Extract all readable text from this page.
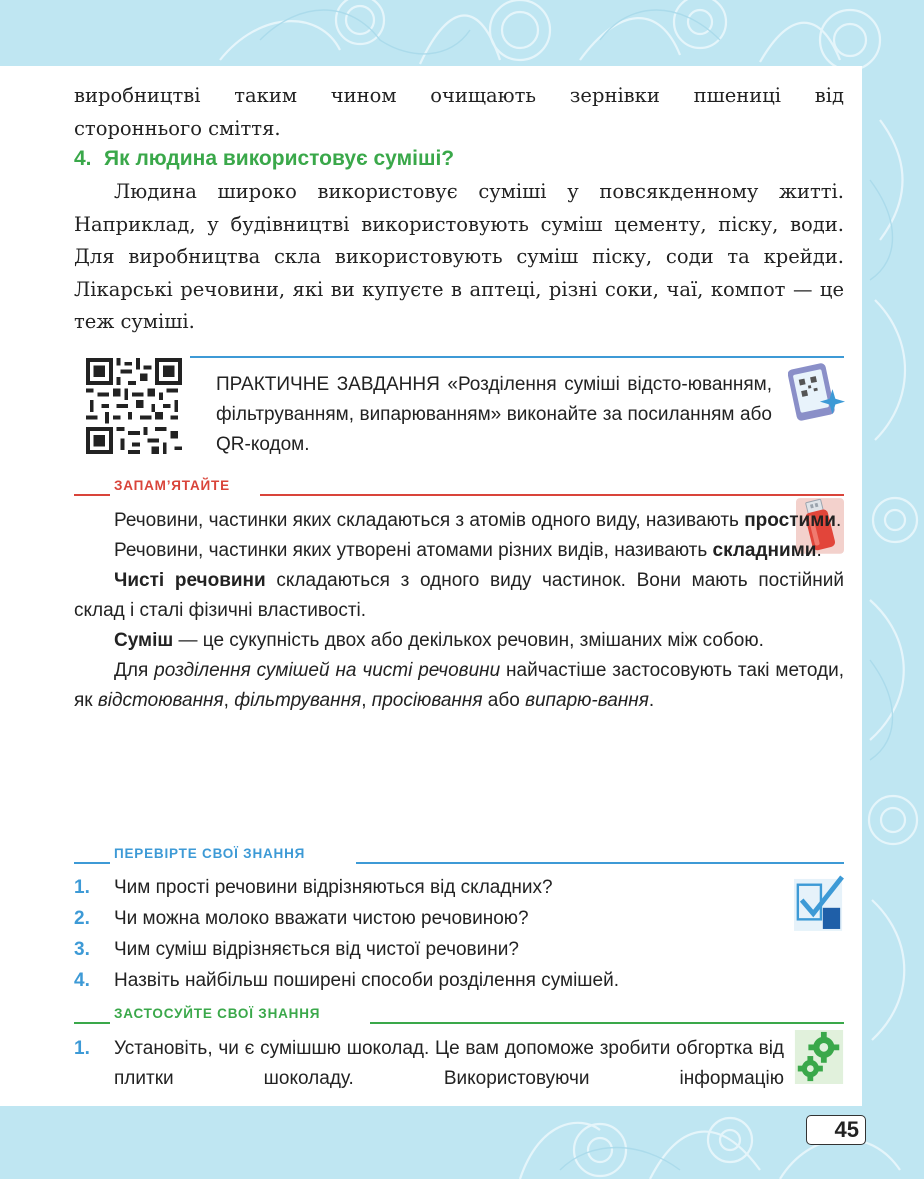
виробництві таким чином очищають зернівки пшениці від

стороннього сміття.

4. Як людина використовує суміші?

Людина широко використовує суміші у повсякденному житті. Наприклад, у будівництві використовують суміш цементу, піску, води. Для виробництва скла використовують суміш піску, соди та крейди. Лікарські речовини, які ви купуєте в аптеці, різні соки, чаї, компот — це теж суміші.

ПРАКТИЧНЕ ЗАВДАННЯ «Розділення суміші відсто-юванням, фільтруванням, випарюванням» виконайте за посиланням або QR-кодом.
ЗАПАМ’ЯТАЙТЕ

Речовини, частинки яких складаються з атомів одного виду, називають простими.

Речовини, частинки яких утворені атомами різних видів, називають складними.

Чисті речовини складаються з одного виду частинок. Вони мають постійний склад і сталі фізичні властивості.

Суміш — це сукупність двох або декількох речовин, змішаних між собою.

Для розділення сумішей на чисті речовини найчастіше застосовують такі методи, як відстоювання, фільтрування, просіювання або випарю-вання.

ПЕРЕВІРТЕ СВОЇ ЗНАННЯ
1.	Чим прості речовини відрізняються від складних?
2.	Чи можна молоко вважати чистою речовиною?
3.	Чим суміш відрізняється від чистої речовини?
4.	Назвіть найбільш поширені способи розділення сумішей.
ЗАСТОСУЙТЕ СВОЇ ЗНАННЯ
1.	Установіть, чи є сумішшю шоколад. Це вам допоможе зробити обгортка від плитки шоколаду. Використовуючи інформацію
45
